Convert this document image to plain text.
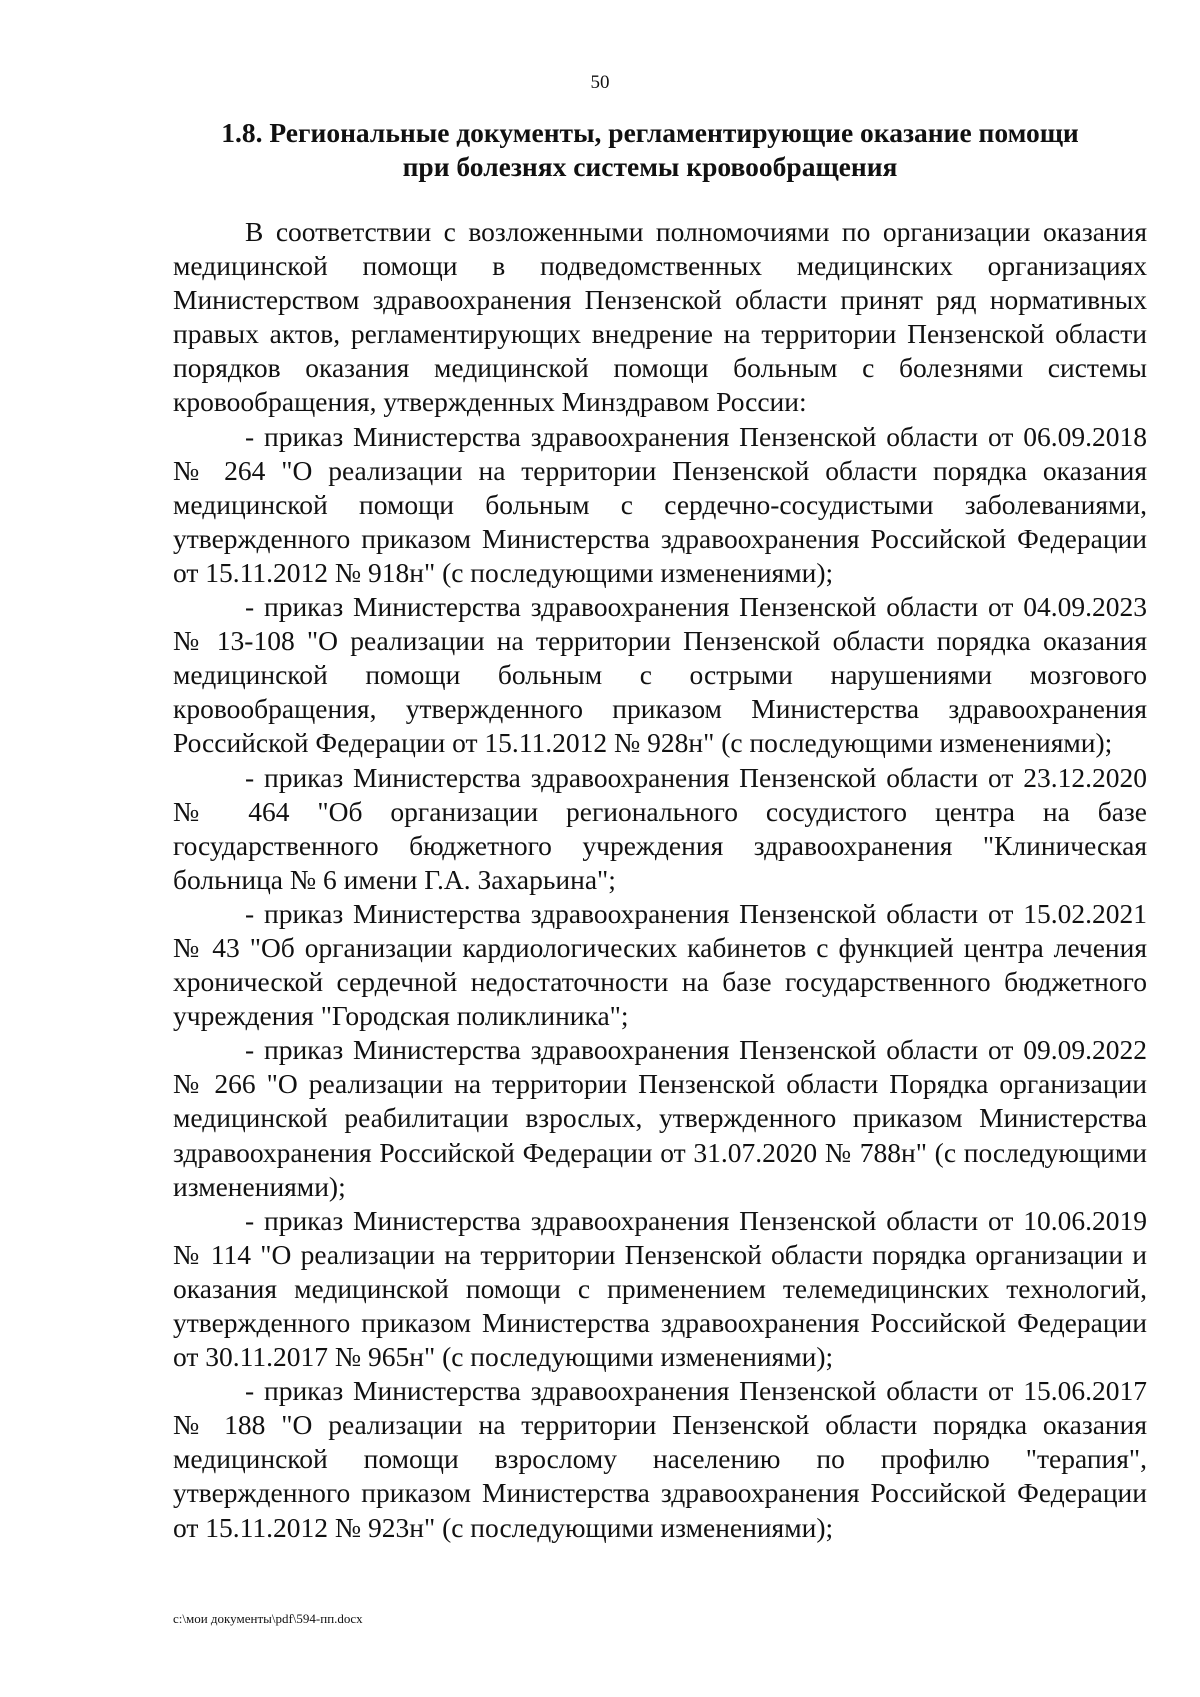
50
1.8. Региональные документы, регламентирующие оказание помощи
при болезнях системы кровообращения

В соответствии с возложенными полномочиями по организации оказания медицинской помощи в подведомственных медицинских организациях Министерством здравоохранения Пензенской области принят ряд нормативных правых актов, регламентирующих внедрение на территории Пензенской области порядков оказания медицинской помощи больным с болезнями системы кровообращения, утвержденных Минздравом России:

- приказ Министерства здравоохранения Пензенской области от 06.09.2018 № 264 "О реализации на территории Пензенской области порядка оказания медицинской помощи больным с сердечно-сосудистыми заболеваниями, утвержденного приказом Министерства здравоохранения Российской Федерации от 15.11.2012 № 918н" (с последующими изменениями);

- приказ Министерства здравоохранения Пензенской области от 04.09.2023 № 13-108 "О реализации на территории Пензенской области порядка оказания медицинской помощи больным с острыми нарушениями мозгового кровообращения, утвержденного приказом Министерства здравоохранения Российской Федерации от 15.11.2012 № 928н" (с последующими изменениями);

- приказ Министерства здравоохранения Пензенской области от 23.12.2020 № 464 "Об организации регионального сосудистого центра на базе государственного бюджетного учреждения здравоохранения "Клиническая больница № 6 имени Г.А. Захарьина";

- приказ Министерства здравоохранения Пензенской области от 15.02.2021 № 43 "Об организации кардиологических кабинетов с функцией центра лечения хронической сердечной недостаточности на базе государственного бюджетного учреждения "Городская поликлиника";

- приказ Министерства здравоохранения Пензенской области от 09.09.2022 № 266 "О реализации на территории Пензенской области Порядка организации медицинской реабилитации взрослых, утвержденного приказом Министерства здравоохранения Российской Федерации от 31.07.2020 № 788н" (с последующими изменениями);

- приказ Министерства здравоохранения Пензенской области от 10.06.2019 № 114 "О реализации на территории Пензенской области порядка организации и оказания медицинской помощи с применением телемедицинских технологий, утвержденного приказом Министерства здравоохранения Российской Федерации от 30.11.2017 № 965н" (с последующими изменениями);

- приказ Министерства здравоохранения Пензенской области от 15.06.2017 № 188 "О реализации на территории Пензенской области порядка оказания медицинской помощи взрослому населению по профилю "терапия", утвержденного приказом Министерства здравоохранения Российской Федерации от 15.11.2012 № 923н" (с последующими изменениями);

c:\мои документы\pdf\594-пп.docx
